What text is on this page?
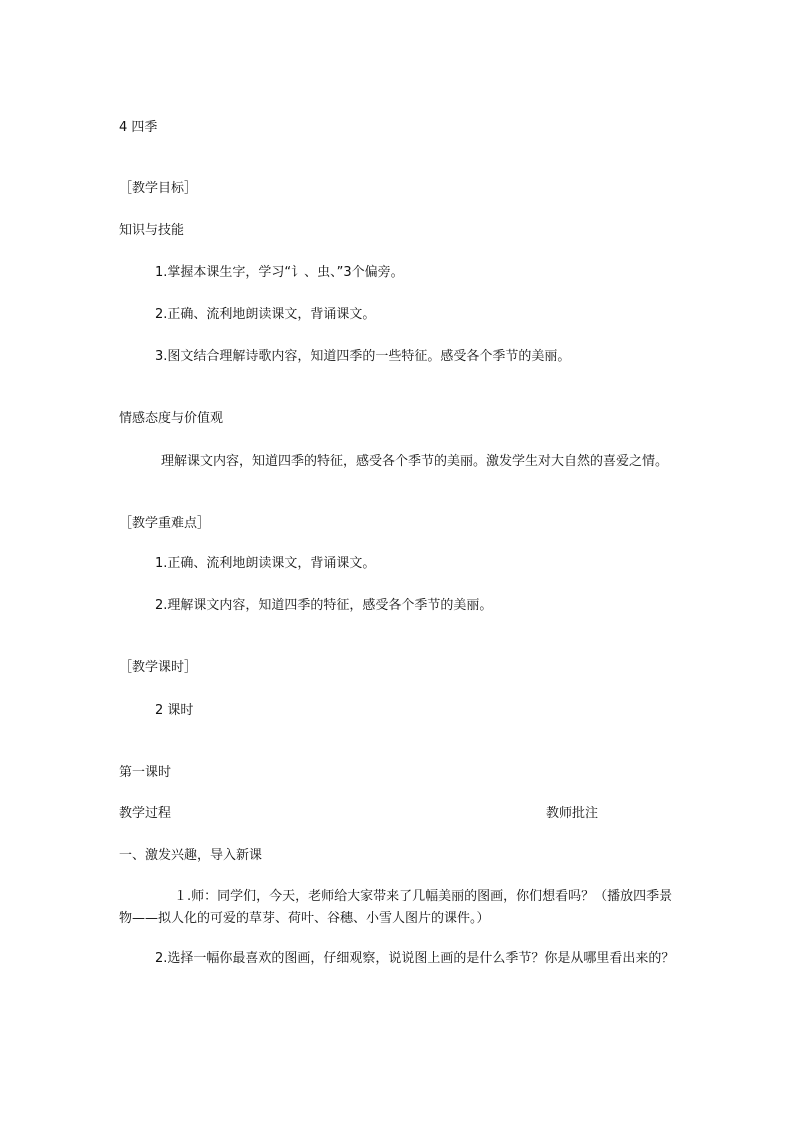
4 四季
［教学目标］
知识与技能
1.掌握本课生字，学习“讠、虫、”3个偏旁。
2.正确、流利地朗读课文，背诵课文。
3.图文结合理解诗歌内容，知道四季的一些特征。感受各个季节的美丽。
情感态度与价值观
理解课文内容，知道四季的特征，感受各个季节的美丽。激发学生对大自然的喜爱之情。
［教学重难点］
1.正确、流利地朗读课文，背诵课文。
2.理解课文内容，知道四季的特征，感受各个季节的美丽。
［教学课时］
2 课时
第一课时
教学过程	教师批注
一、激发兴趣，导入新课
１.师：同学们，今天，老师给大家带来了几幅美丽的图画，你们想看吗？（播放四季景物——拟人化的可爱的草芽、荷叶、谷穗、小雪人图片的课件。）
2.选择一幅你最喜欢的图画，仔细观察，说说图上画的是什么季节？你是从哪里看出来的？
